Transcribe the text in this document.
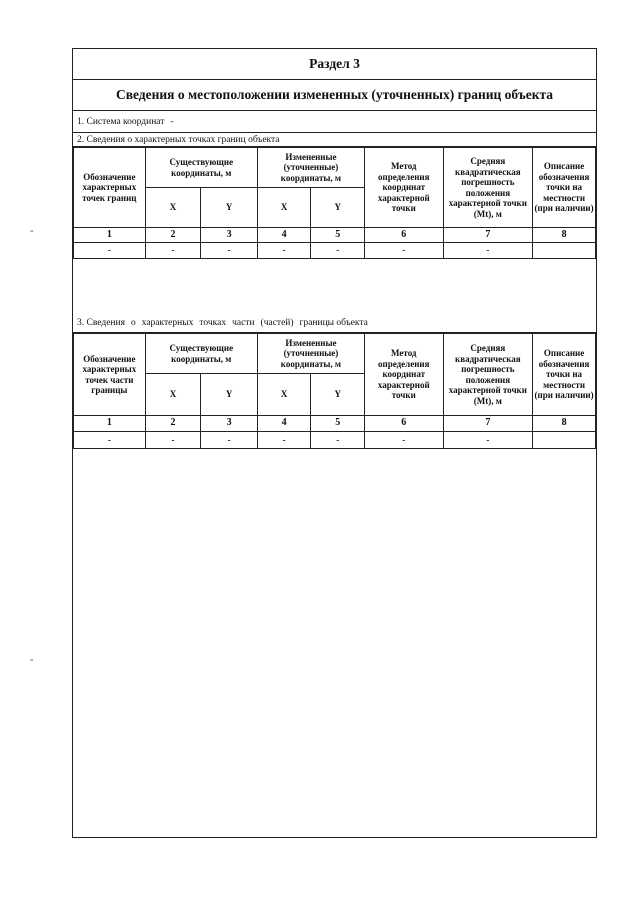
-
-
Раздел 3
Сведения о местоположении измененных (уточненных) границ объекта
1. Система координат -
2. Сведения о характерных точках границ объекта
Обозначение характерных точек границ	Существующие координаты, м		Измененные (уточненные) координаты, м		Метод определения координат характерной точки	Средняя квадратическая погрешность положения характерной точки (Mt), м	Описание обозначения точки на местности (при наличии)
	X	Y	X	Y			
1	2	3	4	5	6	7	8
-	-	-	-	-	-	-	
3. Сведения о характерных точках части (частей) границы объекта
Обозначение характерных точек части границы	Существующие координаты, м		Измененные (уточненные) координаты, м		Метод определения координат характерной точки	Средняя квадратическая погрешность положения характерной точки (Mt), м	Описание обозначения точки на местности (при наличии)
	X	Y	X	Y			
1	2	3	4	5	6	7	8
-	-	-	-	-	-	-	
